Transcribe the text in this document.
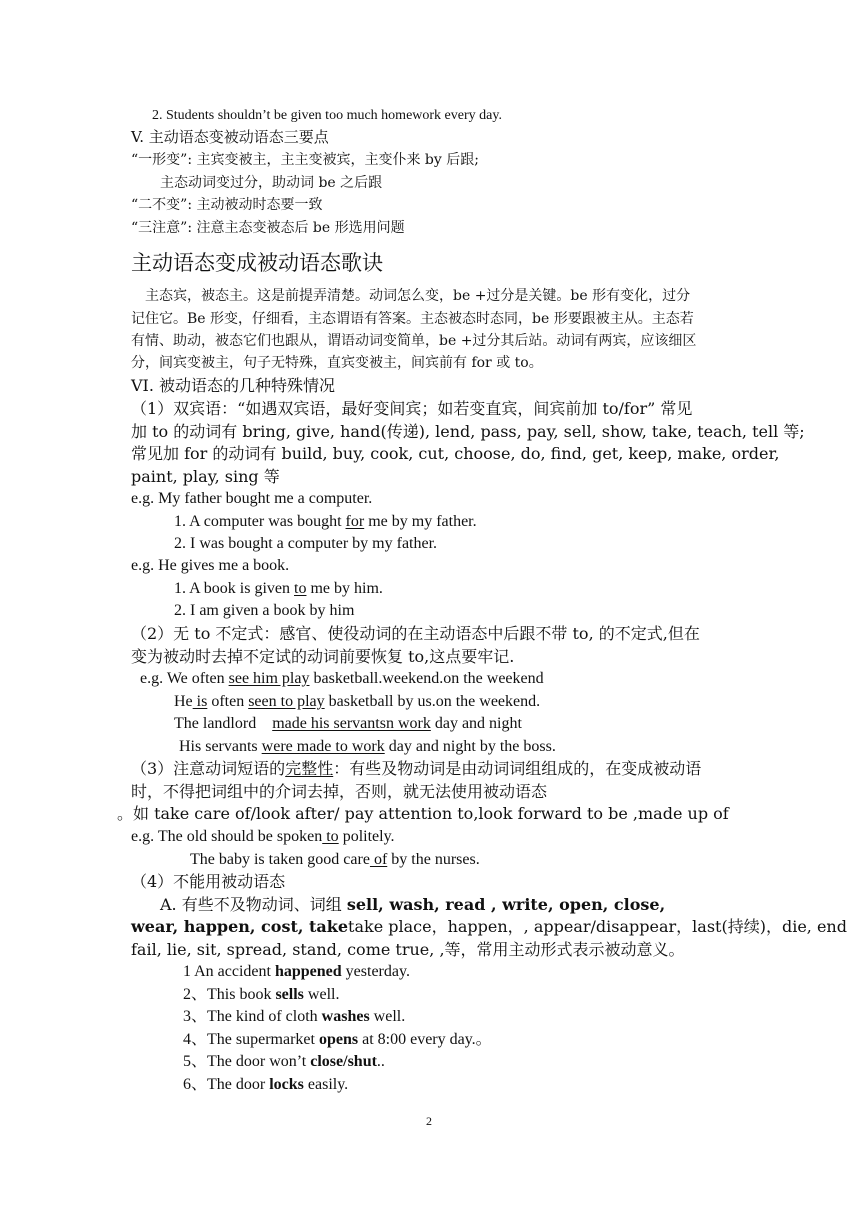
2. Students shouldn’t be given too much homework every day.
V. 主动语态变被动语态三要点
“一形变”: 主宾变被主，主主变被宾，主变仆来 by 后跟;
主态动词变过分，助动词 be 之后跟
“二不变”: 主动被动时态要一致
“三注意”: 注意主态变被态后 be 形选用问题
主动语态变成被动语态歌诀
主态宾，被态主。这是前提弄清楚。动词怎么变，be +过分是关键。be 形有变化，过分
记住它。Be 形变，仔细看，主态谓语有答案。主态被态时态同，be 形要跟被主从。主态若
有情、助动，被态它们也跟从，谓语动词变简单，be +过分其后站。动词有两宾，应该细区
分，间宾变被主，句子无特殊，直宾变被主，间宾前有 for 或 to。
VI. 被动语态的几种特殊情况
（1）双宾语：“如遇双宾语，最好变间宾；如若变直宾，间宾前加 to/for” 常见
加 to 的动词有 bring, give, hand(传递), lend, pass, pay, sell, show, take, teach, tell 等;
常见加 for 的动词有 build, buy, cook, cut, choose, do, find, get, keep, make, order,
paint, play, sing 等
e.g. My father bought me a computer.
1. A computer was bought for me by my father.
2. I was bought a computer by my father.
e.g. He gives me a book.
1. A book is given to me by him.
2. I am given a book by him
（2）无 to 不定式：感官、使役动词的在主动语态中后跟不带 to, 的不定式,但在
变为被动时去掉不定试的动词前要恢复 to,这点要牢记.
e.g. We often see him play basketball.weekend.on the weekend
He is often seen to play basketball by us.on the weekend.
The landlord    made his servantsn work day and night
His servants were made to work day and night by the boss.
（3）注意动词短语的完整性：有些及物动词是由动词词组组成的，在变成被动语
时，不得把词组中的介词去掉，否则，就无法使用被动语态
。如 take care of/look after/ pay attention to,look forward to be ,made up of
e.g. The old should be spoken to politely.
The baby is taken good care of by the nurses.
（4）不能用被动语态
A. 有些不及物动词、词组 sell, wash, read , write, open, close,
wear, happen, cost, taketake place，happen，, appear/disappear，last(持续)，die, end
fail, lie, sit, spread, stand, come true, ,等，常用主动形式表示被动意义。
1 An accident happened yesterday.
2、This book sells well.
3、The kind of cloth washes well.
4、The supermarket opens at 8:00 every day.。
5、The door won’t close/shut..
6、The door locks easily.
2
